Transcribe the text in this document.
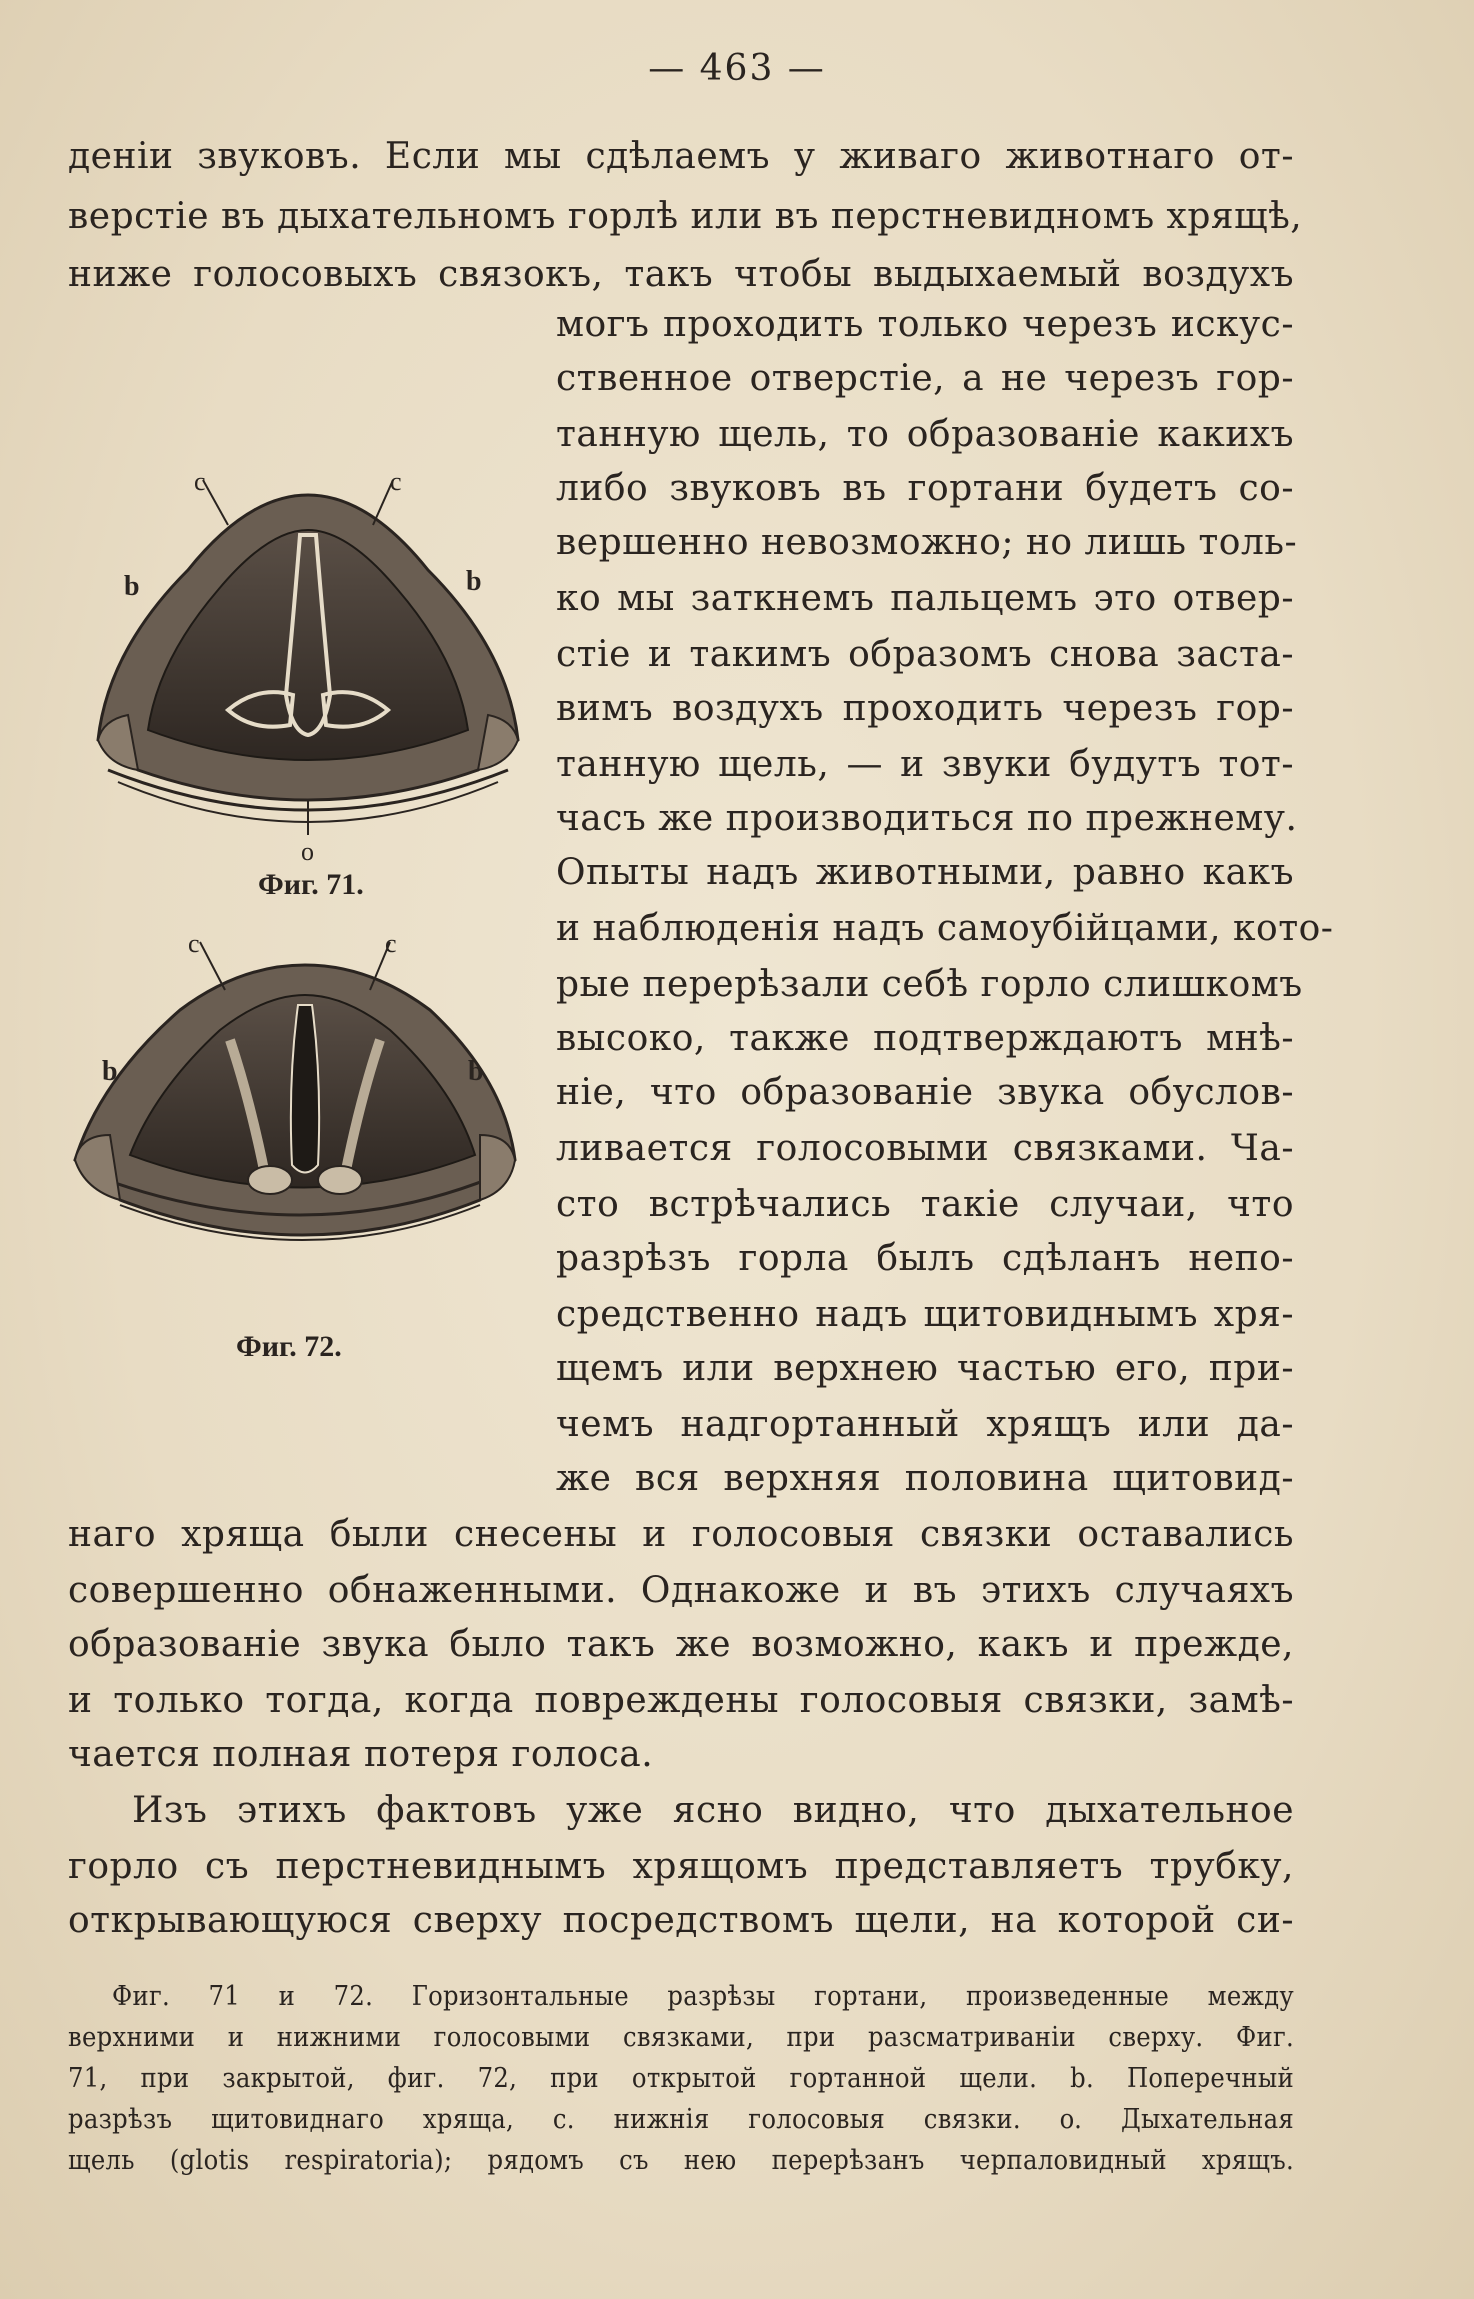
— 463 —
деніи звуковъ. Если мы сдѣлаемъ у живаго животнаго от-
верстіе въ дыхательномъ горлѣ или въ перстневидномъ хрящѣ,
ниже голосовыхъ связокъ, такъ чтобы выдыхаемый воздухъ
могъ проходить только черезъ искус-
ственное отверстіе, а не черезъ гор-
танную щель, то образованіе какихъ
либо звуковъ въ гортани будетъ со-
вершенно невозможно; но лишь толь-
ко мы заткнемъ пальцемъ это отвер-
стіе и такимъ образомъ снова заста-
вимъ воздухъ проходить черезъ гор-
танную щель, — и звуки будутъ тот-
часъ же производиться по прежнему.
Опыты надъ животными, равно какъ
и наблюденія надъ самоубійцами, кото-
рые перерѣзали себѣ горло слишкомъ
высоко, также подтверждаютъ мнѣ-
ніе, что образованіе звука обуслов-
ливается голосовыми связками. Ча-
сто встрѣчались такіе случаи, что
разрѣзъ горла былъ сдѣланъ непо-
средственно надъ щитовиднымъ хря-
щемъ или верхнею частью его, при-
чемъ надгортанный хрящъ или да-
же вся верхняя половина щитовид-
наго хряща были снесены и голосовыя связки оставались
совершенно обнаженными. Однакоже и въ этихъ случаяхъ
образованіе звука было такъ же возможно, какъ и прежде,
и только тогда, когда повреждены голосовыя связки, замѣ-
чается полная потеря голоса.
Изъ этихъ фактовъ уже ясно видно, что дыхательное
горло съ перстневиднымъ хрящомъ представляетъ трубку,
открывающуюся сверху посредствомъ щели, на которой си-
c	c
b	b
o
Фиг. 71.
c	c
b	b
Фиг. 72.
Фиг. 71 и 72. Горизонтальные разрѣзы гортани, произведенные между
верхними и нижними голосовыми связками, при разсматриваніи сверху. Фиг.
71, при закрытой, фиг. 72, при открытой гортанной щели. b. Поперечный
разрѣзъ щитовиднаго хряща, c. нижнія голосовыя связки. o. Дыхательная
щель (glotis respiratoria); рядомъ съ нею перерѣзанъ черпаловидный хрящъ.
